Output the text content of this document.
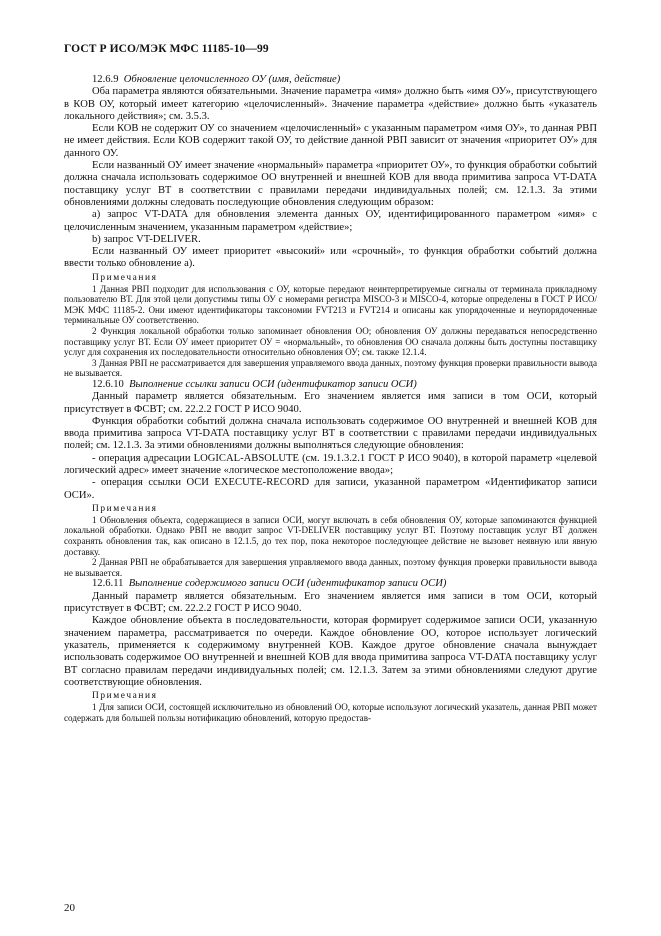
ГОСТ Р ИСО/МЭК МФС 11185-10—99

12.6.9 Обновление целочисленного ОУ (имя, действие)

Оба параметра являются обязательными. Значение параметра «имя» должно быть «имя ОУ», присутствующего в КОВ ОУ, который имеет категорию «целочисленный». Значение параметра «действие» должно быть «указатель локального действия»; см. 3.5.3.

Если КОВ не содержит ОУ со значением «целочисленный» с указанным параметром «имя ОУ», то данная РВП не имеет действия. Если КОВ содержит такой ОУ, то действие данной РВП зависит от значения «приоритет ОУ» для данного ОУ.

Если названный ОУ имеет значение «нормальный» параметра «приоритет ОУ», то функция обработки событий должна сначала использовать содержимое ОО внутренней и внешней КОВ для ввода примитива запроса VT-DATA поставщику услуг ВТ в соответствии с правилами передачи индивидуальных полей; см. 12.1.3. За этими обновлениями должны следовать последующие обновления следующим образом:

а) запрос VT-DATA для обновления элемента данных ОУ, идентифицированного параметром «имя» с целочисленным значением, указанным параметром «действие»;

b) запрос VT-DELIVER.

Если названный ОУ имеет приоритет «высокий» или «срочный», то функция обработки событий должна ввести только обновление а).

Примечания

1 Данная РВП подходит для использования с ОУ, которые передают неинтерпретируемые сигналы от терминала прикладному пользователю ВТ. Для этой цели допустимы типы ОУ с номерами регистра MISCO-3 и MISCO-4, которые определены в ГОСТ Р ИСО/МЭК МФС 11185-2. Они имеют идентификаторы таксономии FVT213 и FVT214 и описаны как упорядоченные и неупорядоченные терминальные ОУ соответственно.

2 Функция локальной обработки только запоминает обновления ОО; обновления ОУ должны передаваться непосредственно поставщику услуг ВТ. Если ОУ имеет приоритет ОУ = «нормальный», то обновления ОО сначала должны быть доступны поставщику услуг для сохранения их последовательности относительно обновления ОУ; см. также 12.1.4.

3 Данная РВП не рассматривается для завершения управляемого ввода данных, поэтому функция проверки правильности вывода не вызывается.

12.6.10 Выполнение ссылки записи ОСИ (идентификатор записи ОСИ)

Данный параметр является обязательным. Его значением является имя записи в том ОСИ, который присутствует в ФСВТ; см. 22.2.2 ГОСТ Р ИСО 9040.

Функция обработки событий должна сначала использовать содержимое ОО внутренней и внешней КОВ для ввода примитива запроса VT-DATA поставщику услуг ВТ в соответствии с правилами передачи индивидуальных полей; см. 12.1.3. За этими обновлениями должны выполняться следующие обновления:

- операция адресации LOGICAL-ABSOLUTE (см. 19.1.3.2.1 ГОСТ Р ИСО 9040), в которой параметр «целевой логический адрес» имеет значение «логическое местоположение ввода»;

- операция ссылки ОСИ EXECUTE-RECORD для записи, указанной параметром «Идентификатор записи ОСИ».

Примечания

1 Обновления объекта, содержащиеся в записи ОСИ, могут включать в себя обновления ОУ, которые запоминаются функцией локальной обработки. Однако РВП не вводит запрос VT-DELIVER поставщику услуг ВТ. Поэтому поставщик услуг ВТ должен сохранять обновления так, как описано в 12.1.5, до тех пор, пока некоторое последующее действие не вызовет неявную или явную доставку.

2 Данная РВП не обрабатывается для завершения управляемого ввода данных, поэтому функция проверки правильности вывода не вызывается.

12.6.11 Выполнение содержимого записи ОСИ (идентификатор записи ОСИ)

Данный параметр является обязательным. Его значением является имя записи в том ОСИ, который присутствует в ФСВТ; см. 22.2.2 ГОСТ Р ИСО 9040.

Каждое обновление объекта в последовательности, которая формирует содержимое записи ОСИ, указанную значением параметра, рассматривается по очереди. Каждое обновление ОО, которое использует логический указатель, применяется к содержимому внутренней КОВ. Каждое другое обновление сначала вынуждает использовать содержимое ОО внутренней и внешней КОВ для ввода примитива запроса VT-DATA поставщику услуг ВТ согласно правилам передачи индивидуальных полей; см. 12.1.3. Затем за этими обновлениями следуют другие соответствующие обновления.

Примечания

1 Для записи ОСИ, состоящей исключительно из обновлений ОО, которые используют логический указатель, данная РВП может содержать для большей пользы нотификацию обновлений, которую предостав-

20
